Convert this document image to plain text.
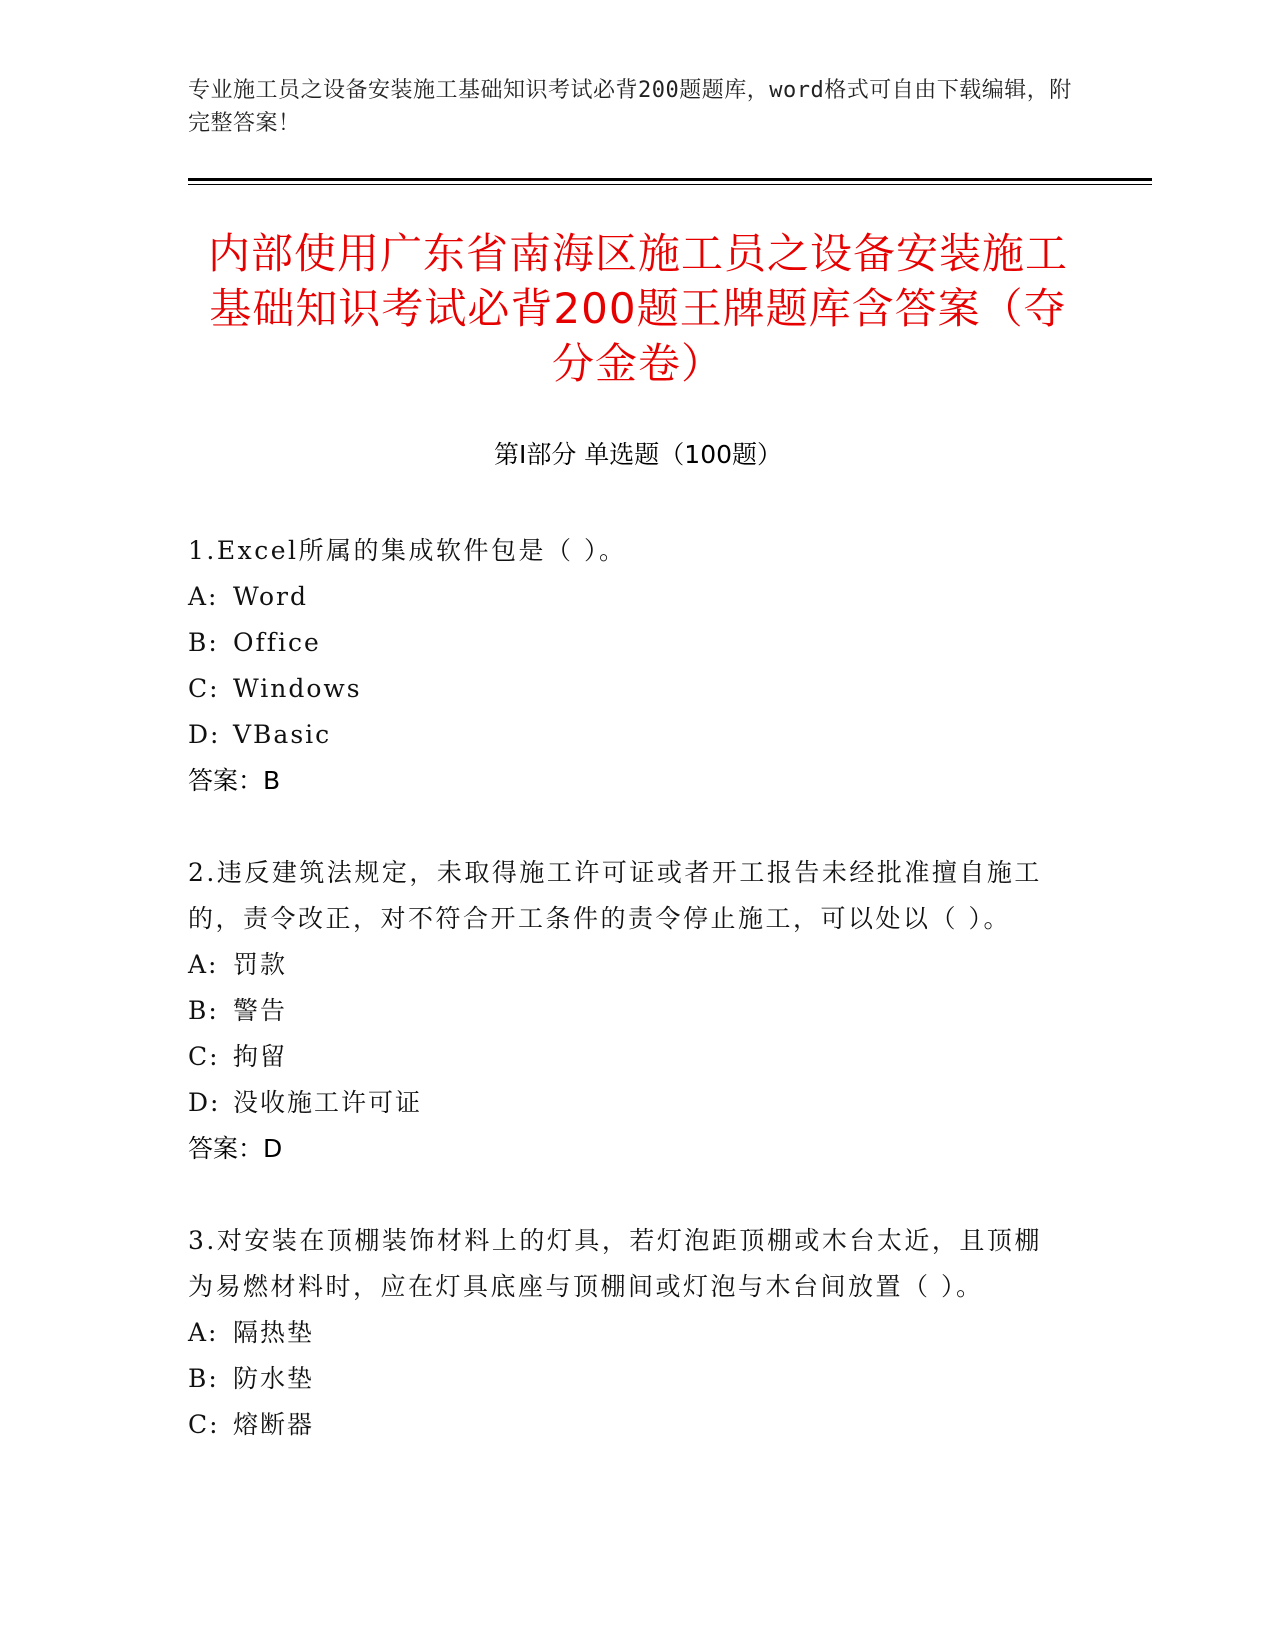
专业施工员之设备安装施工基础知识考试必背200题题库，word格式可自由下载编辑，附完整答案！
内部使用广东省南海区施工员之设备安装施工基础知识考试必背200题王牌题库含答案（夺分金卷）
第I部分 单选题（100题）
1.Excel所属的集成软件包是（ ）。
A: Word
B: Office
C: Windows
D: VBasic
答案：B
2.违反建筑法规定，未取得施工许可证或者开工报告未经批准擅自施工的，责令改正，对不符合开工条件的责令停止施工，可以处以（ ）。
A: 罚款
B: 警告
C: 拘留
D: 没收施工许可证
答案：D
3.对安装在顶棚装饰材料上的灯具，若灯泡距顶棚或木台太近，且顶棚为易燃材料时，应在灯具底座与顶棚间或灯泡与木台间放置（ ）。
A: 隔热垫
B: 防水垫
C: 熔断器
